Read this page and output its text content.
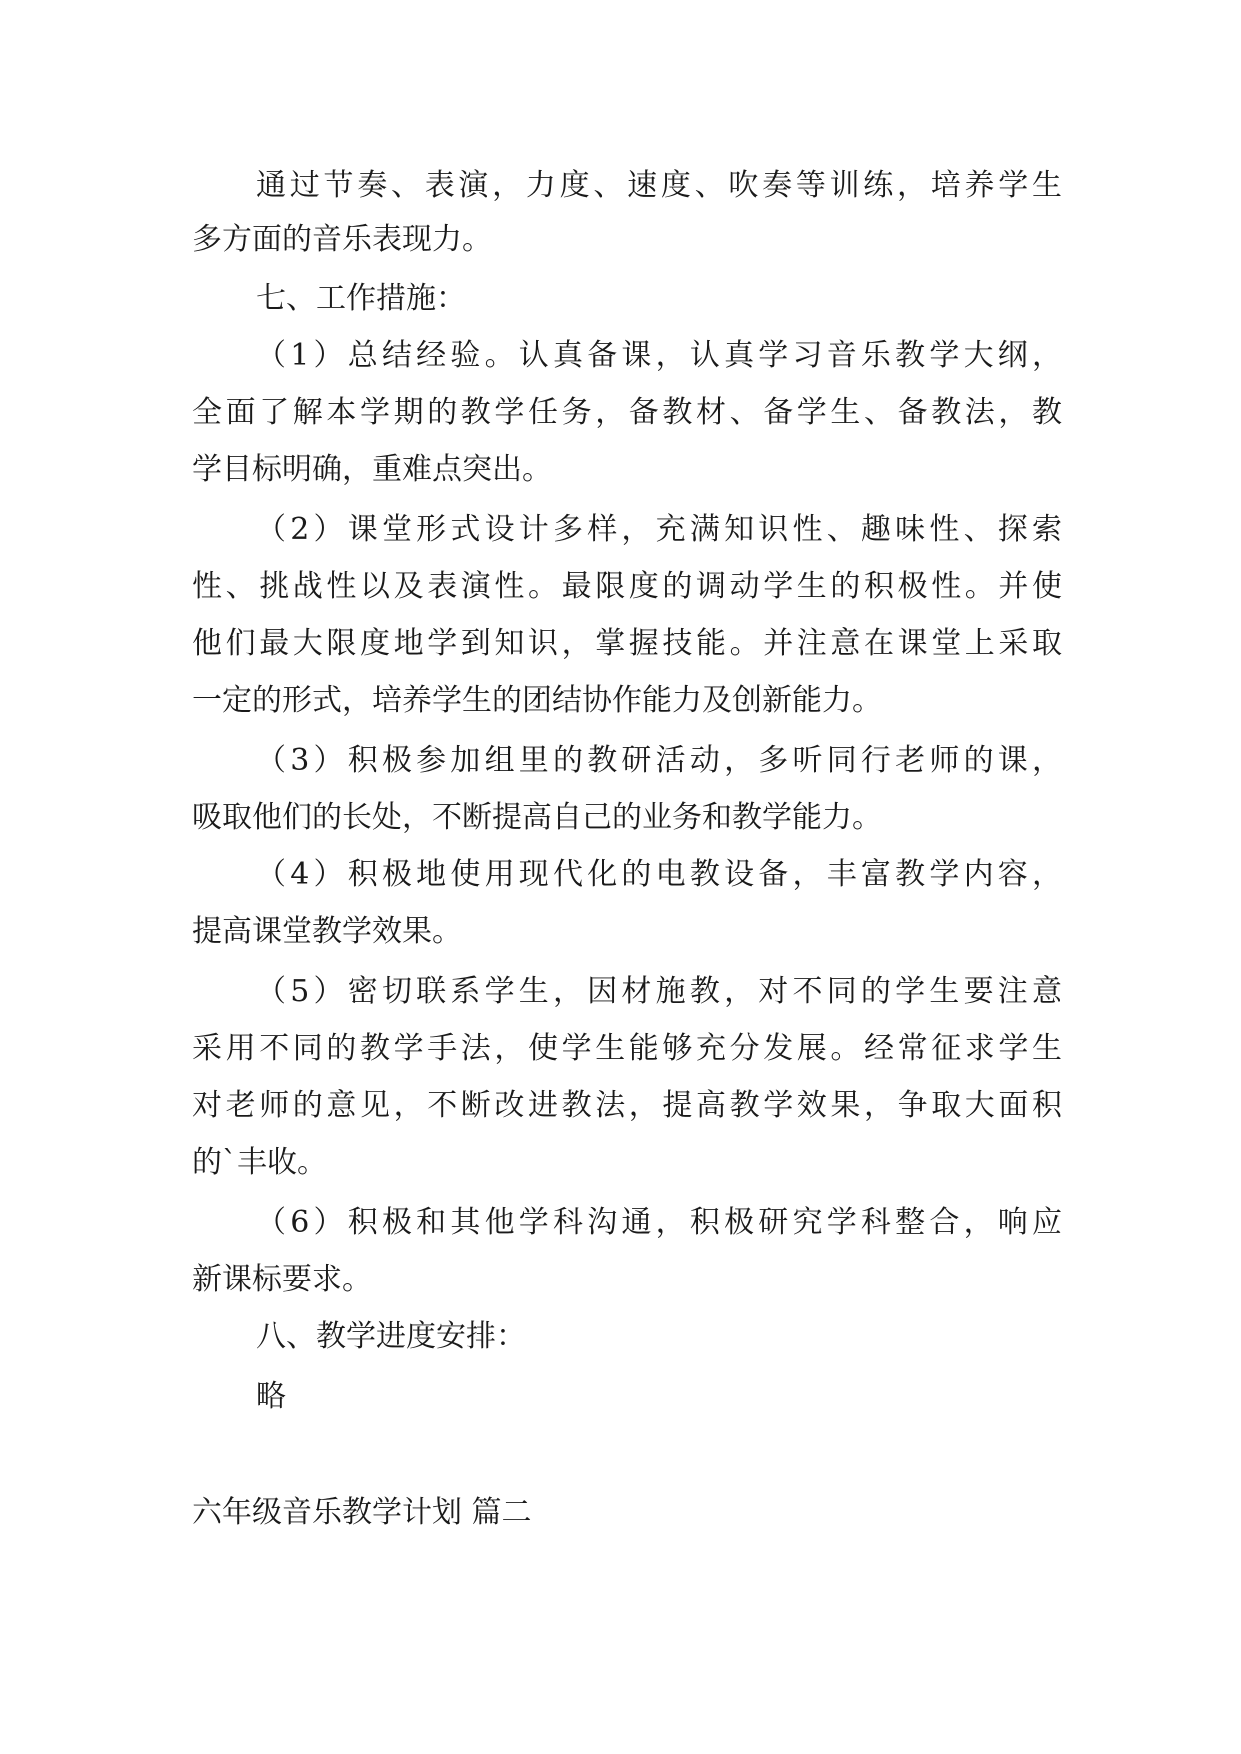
通过节奏、表演，力度、速度、吹奏等训练，培养学生

多方面的音乐表现力。

七、工作措施：

（1）总结经验。认真备课，认真学习音乐教学大纲，

全面了解本学期的教学任务，备教材、备学生、备教法，教

学目标明确，重难点突出。

（2）课堂形式设计多样，充满知识性、趣味性、探索

性、挑战性以及表演性。最限度的调动学生的积极性。并使

他们最大限度地学到知识，掌握技能。并注意在课堂上采取

一定的形式，培养学生的团结协作能力及创新能力。

（3）积极参加组里的教研活动，多听同行老师的课，

吸取他们的长处，不断提高自己的业务和教学能力。

（4）积极地使用现代化的电教设备，丰富教学内容，

提高课堂教学效果。

（5）密切联系学生，因材施教，对不同的学生要注意

采用不同的教学手法，使学生能够充分发展。经常征求学生

对老师的意见，不断改进教法，提高教学效果，争取大面积

的`丰收。

（6）积极和其他学科沟通，积极研究学科整合，响应

新课标要求。

八、教学进度安排：

略

六年级音乐教学计划 篇二
